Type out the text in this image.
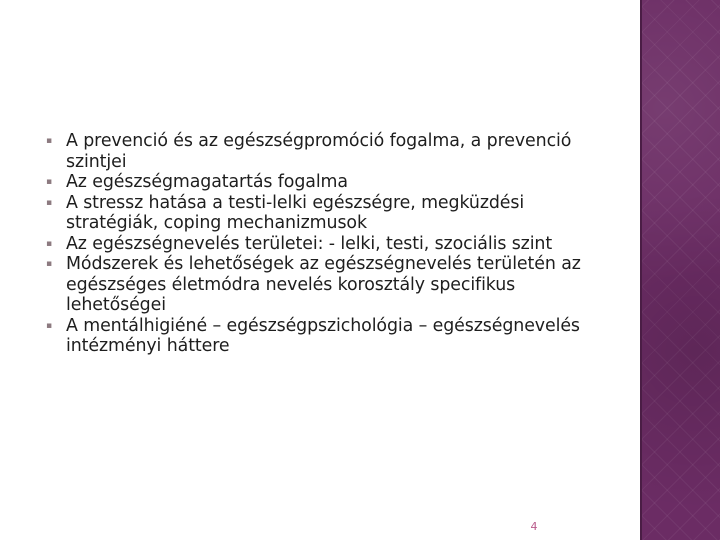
▪ A prevenció és az egészségpromóció fogalma, a prevenció szintjei
▪ Az egészségmagatartás fogalma
▪ A stressz hatása a testi-lelki egészségre, megküzdési stratégiák, coping mechanizmusok
▪ Az egészségnevelés területei: - lelki, testi, szociális szint
▪ Módszerek és lehetőségek az egészségnevelés területén az egészséges életmódra nevelés korosztály specifikus lehetőségei
▪ A mentálhigiéné – egészségpszichológia – egészségnevelés intézményi háttere
4
